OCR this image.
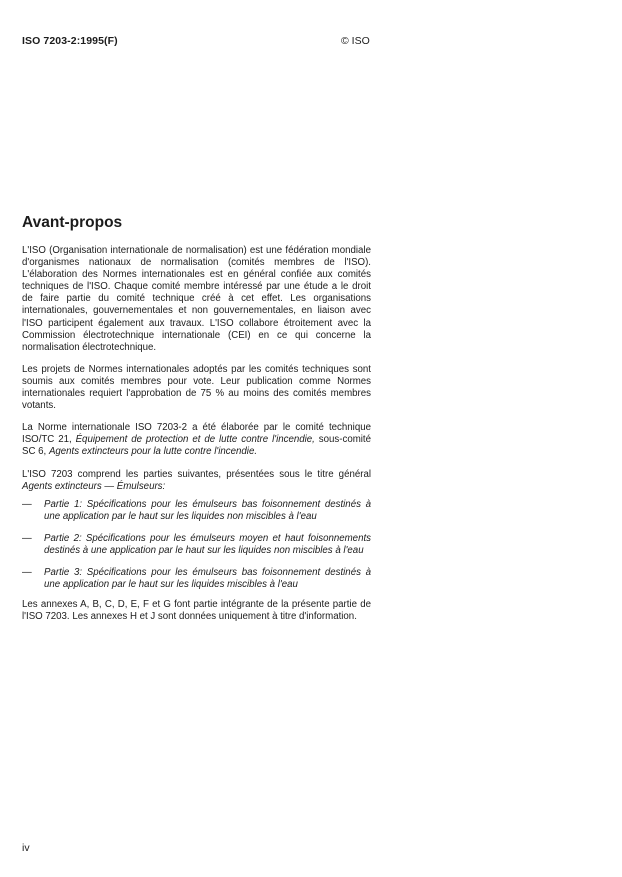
ISO 7203-2:1995(F)	© ISO
Avant-propos

L'ISO (Organisation internationale de normalisation) est une fédération mondiale d'organismes nationaux de normalisation (comités membres de l'ISO). L'élaboration des Normes internationales est en général confiée aux comités techniques de l'ISO. Chaque comité membre intéressé par une étude a le droit de faire partie du comité technique créé à cet effet. Les organisations internationales, gouvernementales et non gouvernementales, en liaison avec l'ISO participent également aux travaux. L'ISO collabore étroitement avec la Commission électrotechnique internationale (CEI) en ce qui concerne la normalisation électrotechnique.

Les projets de Normes internationales adoptés par les comités techniques sont soumis aux comités membres pour vote. Leur publication comme Normes internationales requiert l'approbation de 75 % au moins des comités membres votants.

La Norme internationale ISO 7203-2 a été élaborée par le comité technique ISO/TC 21, Équipement de protection et de lutte contre l'incendie, sous-comité SC 6, Agents extincteurs pour la lutte contre l'incendie.

L'ISO 7203 comprend les parties suivantes, présentées sous le titre général Agents extincteurs — Émulseurs:

— Partie 1: Spécifications pour les émulseurs bas foisonnement destinés à une application par le haut sur les liquides non miscibles à l'eau
— Partie 2: Spécifications pour les émulseurs moyen et haut foisonnements destinés à une application par le haut sur les liquides non miscibles à l'eau
— Partie 3: Spécifications pour les émulseurs bas foisonnement destinés à une application par le haut sur les liquides miscibles à l'eau

Les annexes A, B, C, D, E, F et G font partie intégrante de la présente partie de l'ISO 7203. Les annexes H et J sont données uniquement à titre d'information.

iv
